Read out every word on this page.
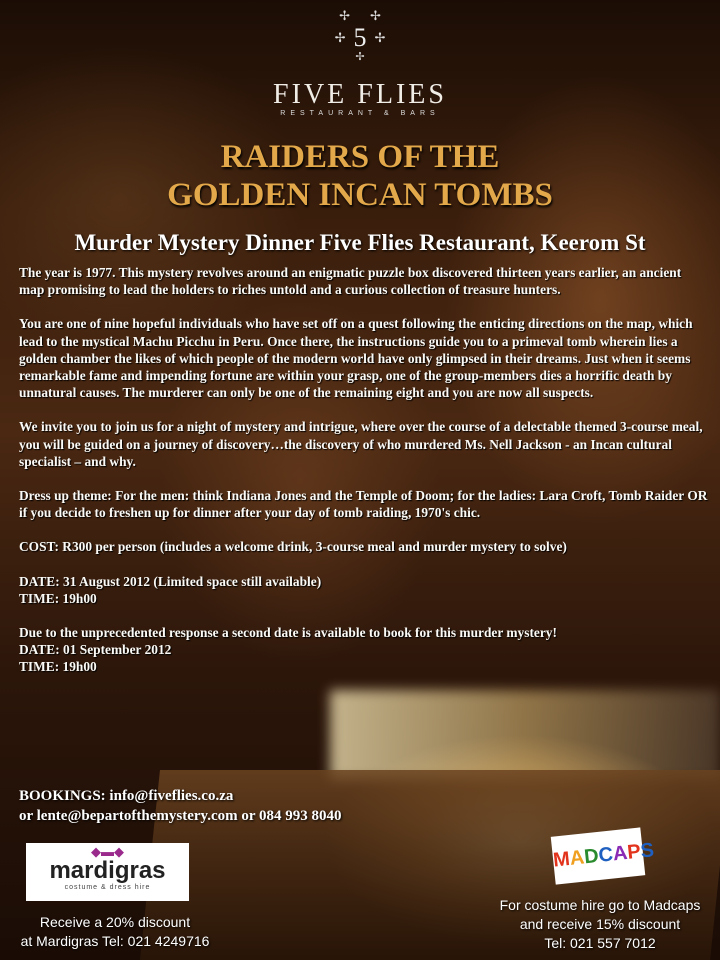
✢ ✢
✢ 5 ✢
✢
FIVE FLIES
RESTAURANT & BARS
RAIDERS OF THE
GOLDEN INCAN TOMBS
Murder Mystery Dinner Five Flies Restaurant, Keerom St

The year is 1977. This mystery revolves around an enigmatic puzzle box discovered thirteen years earlier, an ancient map promising to lead the holders to riches untold and a curious collection of treasure hunters.

You are one of nine hopeful individuals who have set off on a quest following the enticing directions on the map, which lead to the mystical Machu Picchu in Peru. Once there, the instructions guide you to a primeval tomb wherein lies a golden chamber the likes of which people of the modern world have only glimpsed in their dreams. Just when it seems remarkable fame and impending fortune are within your grasp, one of the group-members dies a horrific death by unnatural causes. The murderer can only be one of the remaining eight and you are now all suspects.

We invite you to join us for a night of mystery and intrigue, where over the course of a delectable themed 3-course meal, you will be guided on a journey of discovery…the discovery of who murdered Ms. Nell Jackson - an Incan cultural specialist – and why.

Dress up theme: For the men: think Indiana Jones and the Temple of Doom; for the ladies: Lara Croft, Tomb Raider OR if you decide to freshen up for dinner after your day of tomb raiding, 1970's chic.

COST: R300 per person (includes a welcome drink, 3-course meal and murder mystery to solve)

DATE: 31 August 2012 (Limited space still available)

TIME: 19h00

Due to the unprecedented response a second date is available to book for this murder mystery!

DATE: 01 September 2012

TIME: 19h00

BOOKINGS: info@fiveflies.co.za
or lente@bepartofthemystery.com or 084 993 8040
◆▬◆
mardigras
costume & dress hire
Receive a 20% discount
at Mardigras Tel: 021 4249716
MADCAPS
For costume hire go to Madcaps
and receive 15% discount
Tel: 021 557 7012
